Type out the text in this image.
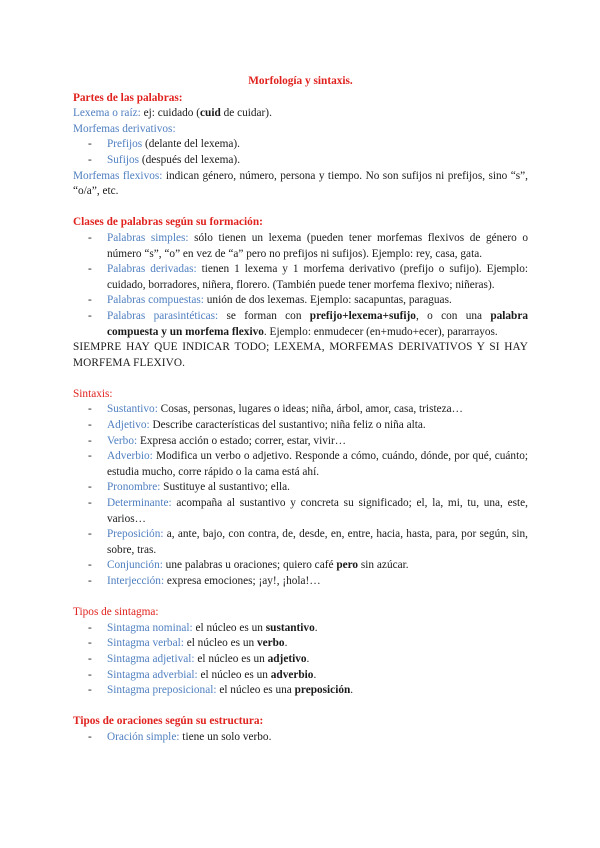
Morfología y sintaxis.

Partes de las palabras:

Lexema o raíz: ej: cuidado (cuid de cuidar).

Morfemas derivativos:

- Prefijos (delante del lexema).
- Sufijos (después del lexema).

Morfemas flexivos: indican género, número, persona y tiempo. No son sufijos ni prefijos, sino “s”, “o/a”, etc.

Clases de palabras según su formación:

- Palabras simples: sólo tienen un lexema (pueden tener morfemas flexivos de género o número “s”, “o” en vez de “a” pero no prefijos ni sufijos). Ejemplo: rey, casa, gata.
- Palabras derivadas: tienen 1 lexema y 1 morfema derivativo (prefijo o sufijo). Ejemplo: cuidado, borradores, niñera, florero. (También puede tener morfema flexivo; niñeras).
- Palabras compuestas: unión de dos lexemas. Ejemplo: sacapuntas, paraguas.
- Palabras parasintéticas: se forman con prefijo+lexema+sufijo, o con una palabra compuesta y un morfema flexivo. Ejemplo: enmudecer (en+mudo+ecer), pararrayos.

SIEMPRE HAY QUE INDICAR TODO; LEXEMA, MORFEMAS DERIVATIVOS Y SI HAY MORFEMA FLEXIVO.

Sintaxis:

- Sustantivo: Cosas, personas, lugares o ideas; niña, árbol, amor, casa, tristeza…
- Adjetivo: Describe características del sustantivo; niña feliz o niña alta.
- Verbo: Expresa acción o estado; correr, estar, vivir…
- Adverbio: Modifica un verbo o adjetivo. Responde a cómo, cuándo, dónde, por qué, cuánto; estudia mucho, corre rápido o la cama está ahí.
- Pronombre: Sustituye al sustantivo; ella.
- Determinante: acompaña al sustantivo y concreta su significado; el, la, mi, tu, una, este, varios…
- Preposición: a, ante, bajo, con contra, de, desde, en, entre, hacia, hasta, para, por según, sin, sobre, tras.
- Conjunción: une palabras u oraciones; quiero café pero sin azúcar.
- Interjección: expresa emociones; ¡ay!, ¡hola!…

Tipos de sintagma:

- Sintagma nominal: el núcleo es un sustantivo.
- Sintagma verbal: el núcleo es un verbo.
- Sintagma adjetival: el núcleo es un adjetivo.
- Sintagma adverbial: el núcleo es un adverbio.
- Sintagma preposicional: el núcleo es una preposición.

Tipos de oraciones según su estructura:

- Oración simple: tiene un solo verbo.
